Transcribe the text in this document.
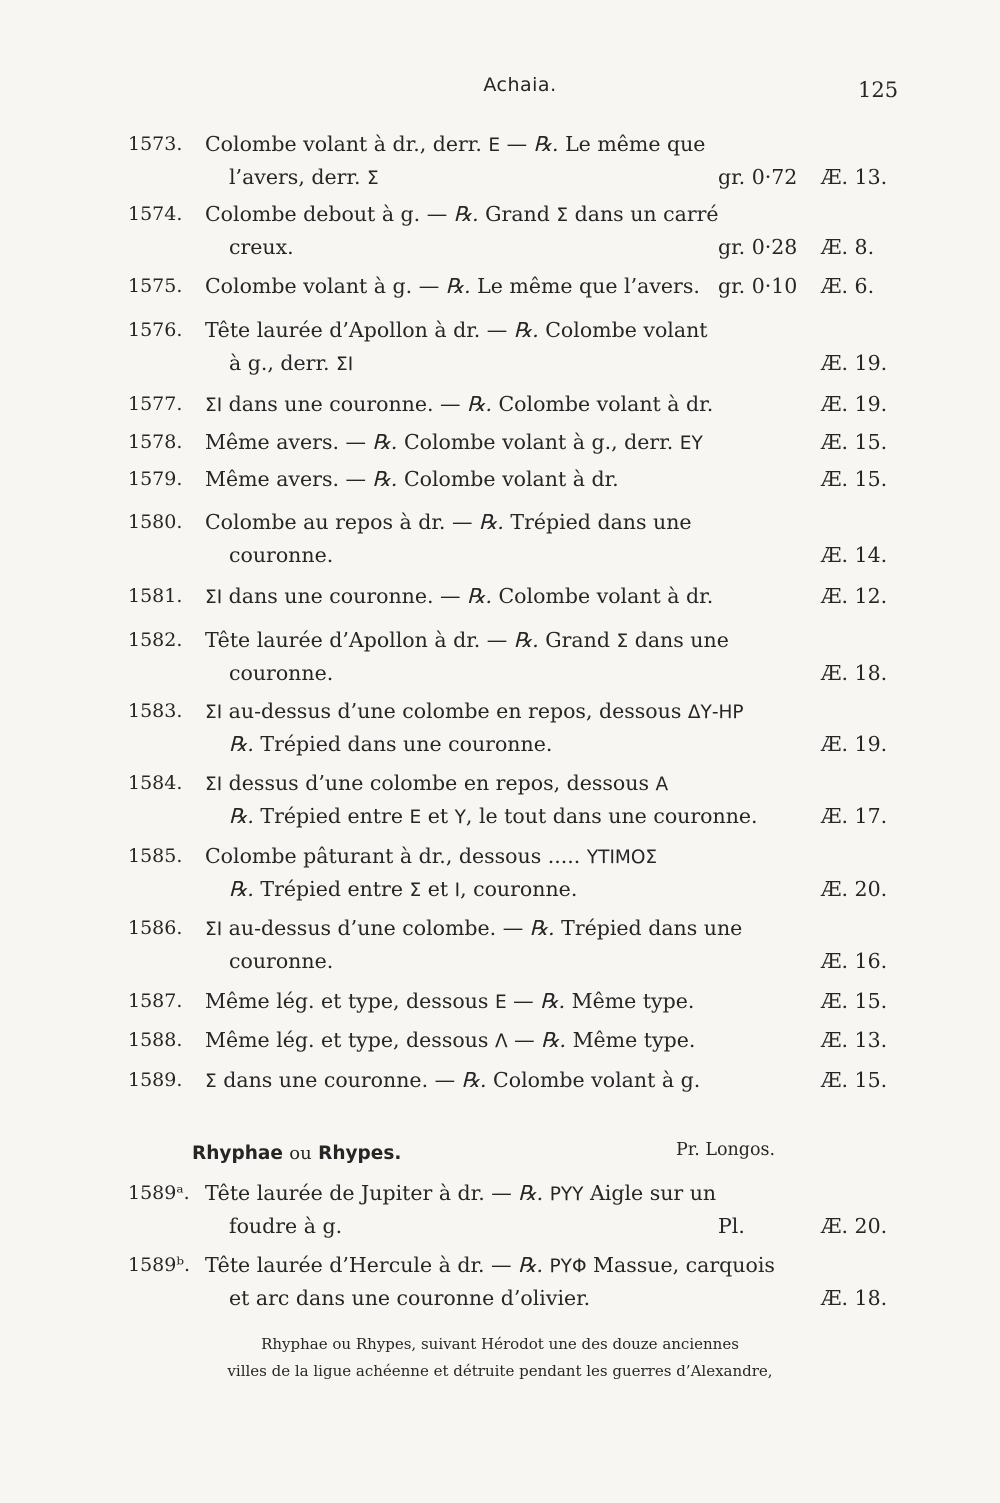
Achaia.	125
1573. Colombe volant à dr., derr. E — ℞. Le même que
l’avers, derr. Σ	gr. 0·72 Æ. 13.
1574. Colombe debout à g. — ℞. Grand Σ dans un carré
creux.	gr. 0·28 Æ. 8.
1575. Colombe volant à g. — ℞. Le même que l’avers. gr. 0·10 Æ. 6.
1576. Tête laurée d’Apollon à dr. — ℞. Colombe volant
à g., derr. ΣΙ	Æ. 19.
1577. ΣΙ dans une couronne. — ℞. Colombe volant à dr.	Æ. 19.
1578. Même avers. — ℞. Colombe volant à g., derr. ΕΥ	Æ. 15.
1579. Même avers. — ℞. Colombe volant à dr.	Æ. 15.
1580. Colombe au repos à dr. — ℞. Trépied dans une
couronne.	Æ. 14.
1581. ΣΙ dans une couronne. — ℞. Colombe volant à dr.	Æ. 12.
1582. Tête laurée d’Apollon à dr. — ℞. Grand Σ dans une
couronne.	Æ. 18.
1583. ΣΙ au-dessus d’une colombe en repos, dessous ΔΥ-ΗΡ
℞. Trépied dans une couronne.	Æ. 19.
1584. ΣΙ dessus d’une colombe en repos, dessous Α
℞. Trépied entre Ε et Υ, le tout dans une couronne.	Æ. 17.
1585. Colombe pâturant à dr., dessous ..... ΥΤΙΜΟΣ
℞. Trépied entre Σ et Ι, couronne.	Æ. 20.
1586. ΣΙ au-dessus d’une colombe. — ℞. Trépied dans une
couronne.	Æ. 16.
1587. Même lég. et type, dessous Ε — ℞. Même type.	Æ. 15.
1588. Même lég. et type, dessous Λ — ℞. Même type.	Æ. 13.
1589. Σ dans une couronne. — ℞. Colombe volant à g.	Æ. 15.
Rhyphae ou Rhypes.	Pr. Longos.
1589ᵃ. Tête laurée de Jupiter à dr. — ℞. ΡΥΥ Aigle sur un
foudre à g.	Pl.	Æ. 20.
1589ᵇ. Tête laurée d’Hercule à dr. — ℞. ΡΥΦ Massue, carquois
et arc dans une couronne d’olivier.	Æ. 18.
Rhyphae ou Rhypes, suivant Hérodot une des douze anciennes
villes de la ligue achéenne et détruite pendant les guerres d’Alexandre,
